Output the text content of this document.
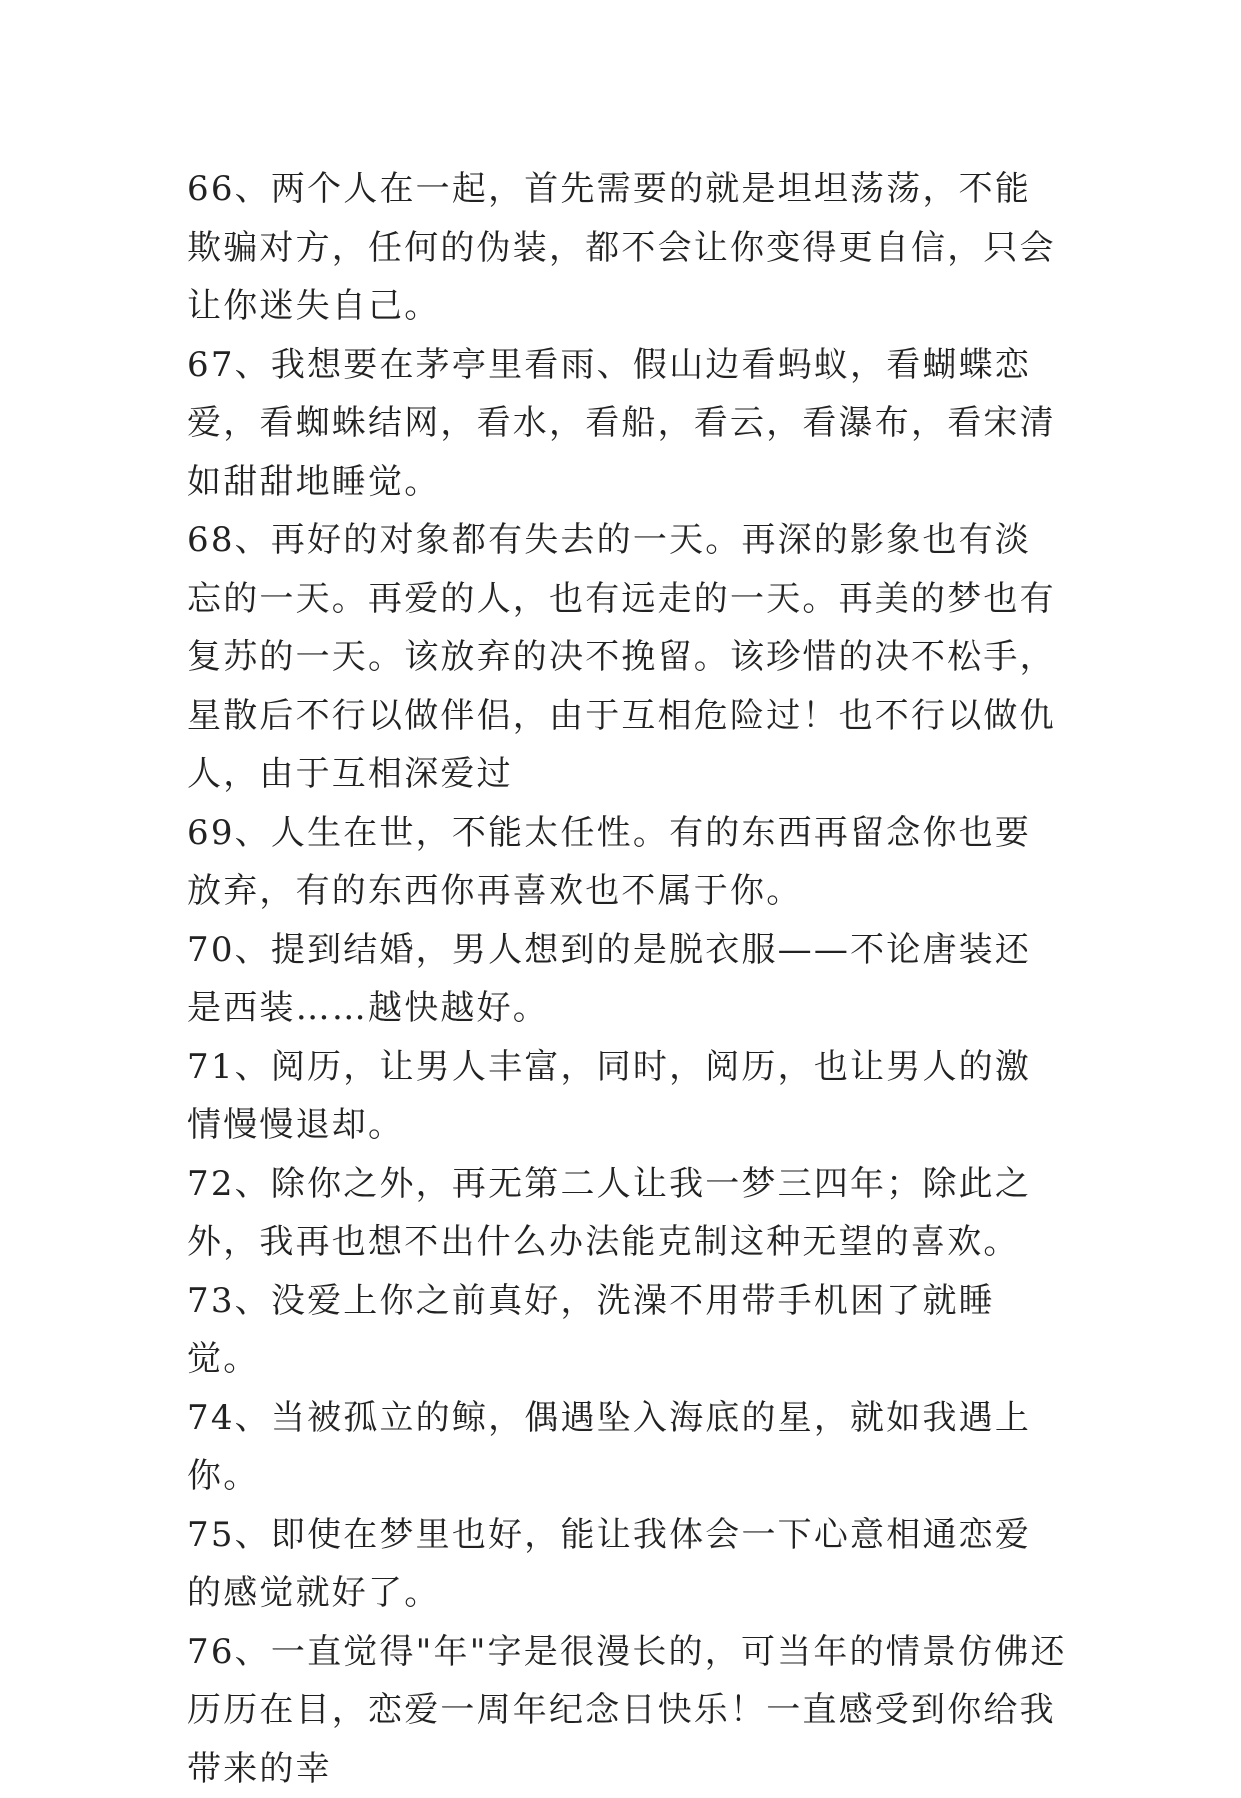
66、两个人在一起，首先需要的就是坦坦荡荡，不能欺骗对方，任何的伪装，都不会让你变得更自信，只会让你迷失自己。

67、我想要在茅亭里看雨、假山边看蚂蚁，看蝴蝶恋爱，看蜘蛛结网，看水，看船，看云，看瀑布，看宋清如甜甜地睡觉。

68、再好的对象都有失去的一天。再深的影象也有淡忘的一天。再爱的人，也有远走的一天。再美的梦也有复苏的一天。该放弃的决不挽留。该珍惜的决不松手，星散后不行以做伴侣，由于互相危险过！也不行以做仇人，由于互相深爱过

69、人生在世，不能太任性。有的东西再留念你也要放弃，有的东西你再喜欢也不属于你。

70、提到结婚，男人想到的是脱衣服——不论唐装还是西装……越快越好。

71、阅历，让男人丰富，同时，阅历，也让男人的激情慢慢退却。

72、除你之外，再无第二人让我一梦三四年；除此之外，我再也想不出什么办法能克制这种无望的喜欢。

73、没爱上你之前真好，洗澡不用带手机困了就睡觉。

74、当被孤立的鲸，偶遇坠入海底的星，就如我遇上你。

75、即使在梦里也好，能让我体会一下心意相通恋爱的感觉就好了。

76、一直觉得"年"字是很漫长的，可当年的情景仿佛还历历在目，恋爱一周年纪念日快乐！一直感受到你给我带来的幸
